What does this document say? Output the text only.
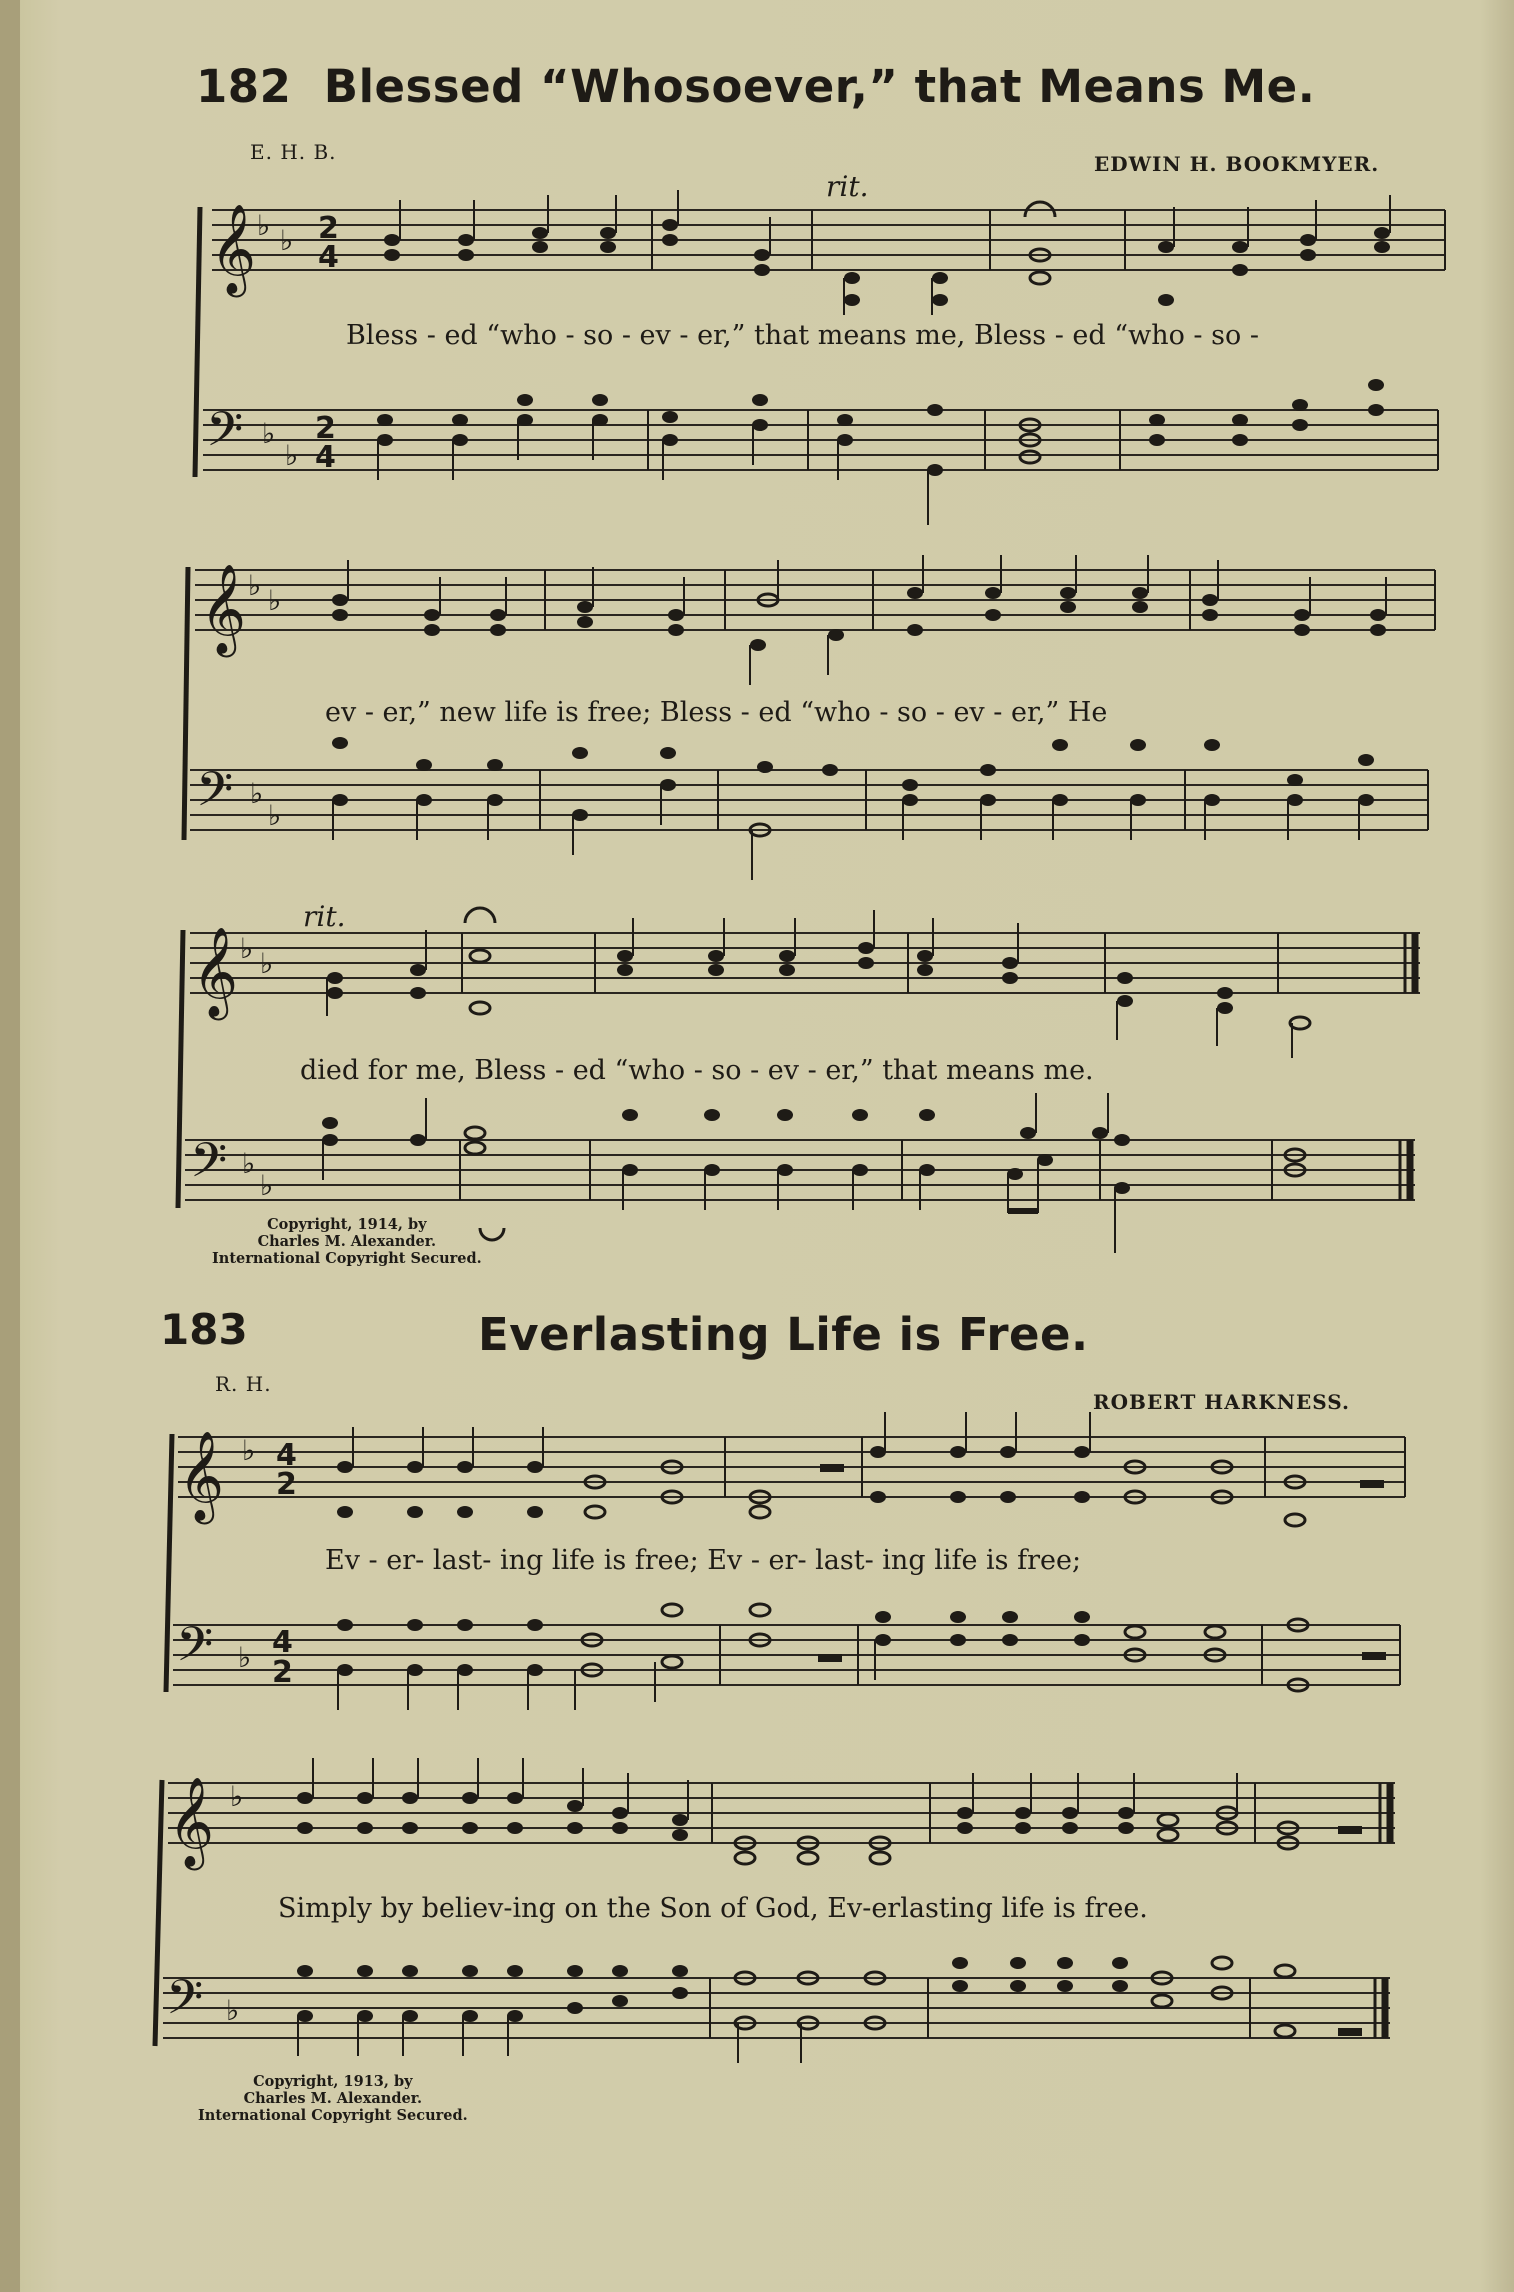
182 Blessed “Whosoever,” that Means Me.
E. H. B.	EDWIN H. BOOKMYER.
𝄞
𝄢
♭ ♭ 2
4
♭
♭
2
4
rit.
Bless - ed “who - so - ev - er,” that means me, Bless - ed “who - so -
𝄞
𝄢
♭ ♭
♭
♭
ev - er,” new life is free; Bless - ed “who - so - ev - er,” He
𝄞
𝄢
♭ ♭
♭
♭
rit.
died for me, Bless - ed “who - so - ev - er,” that means me.
Copyright, 1914, by
Charles M. Alexander.
International Copyright Secured.
183	Everlasting Life is Free.
R. H.
ROBERT HARKNESS.
𝄞
𝄢
♭ 4
2
♭ 4
2
Ev - er- last- ing life is free; Ev - er- last- ing life is free;
𝄞
𝄢
♭
♭
Simply by believ-ing on the Son of God, Ev-erlasting life is free.
Copyright, 1913, by
Charles M. Alexander.
International Copyright Secured.
